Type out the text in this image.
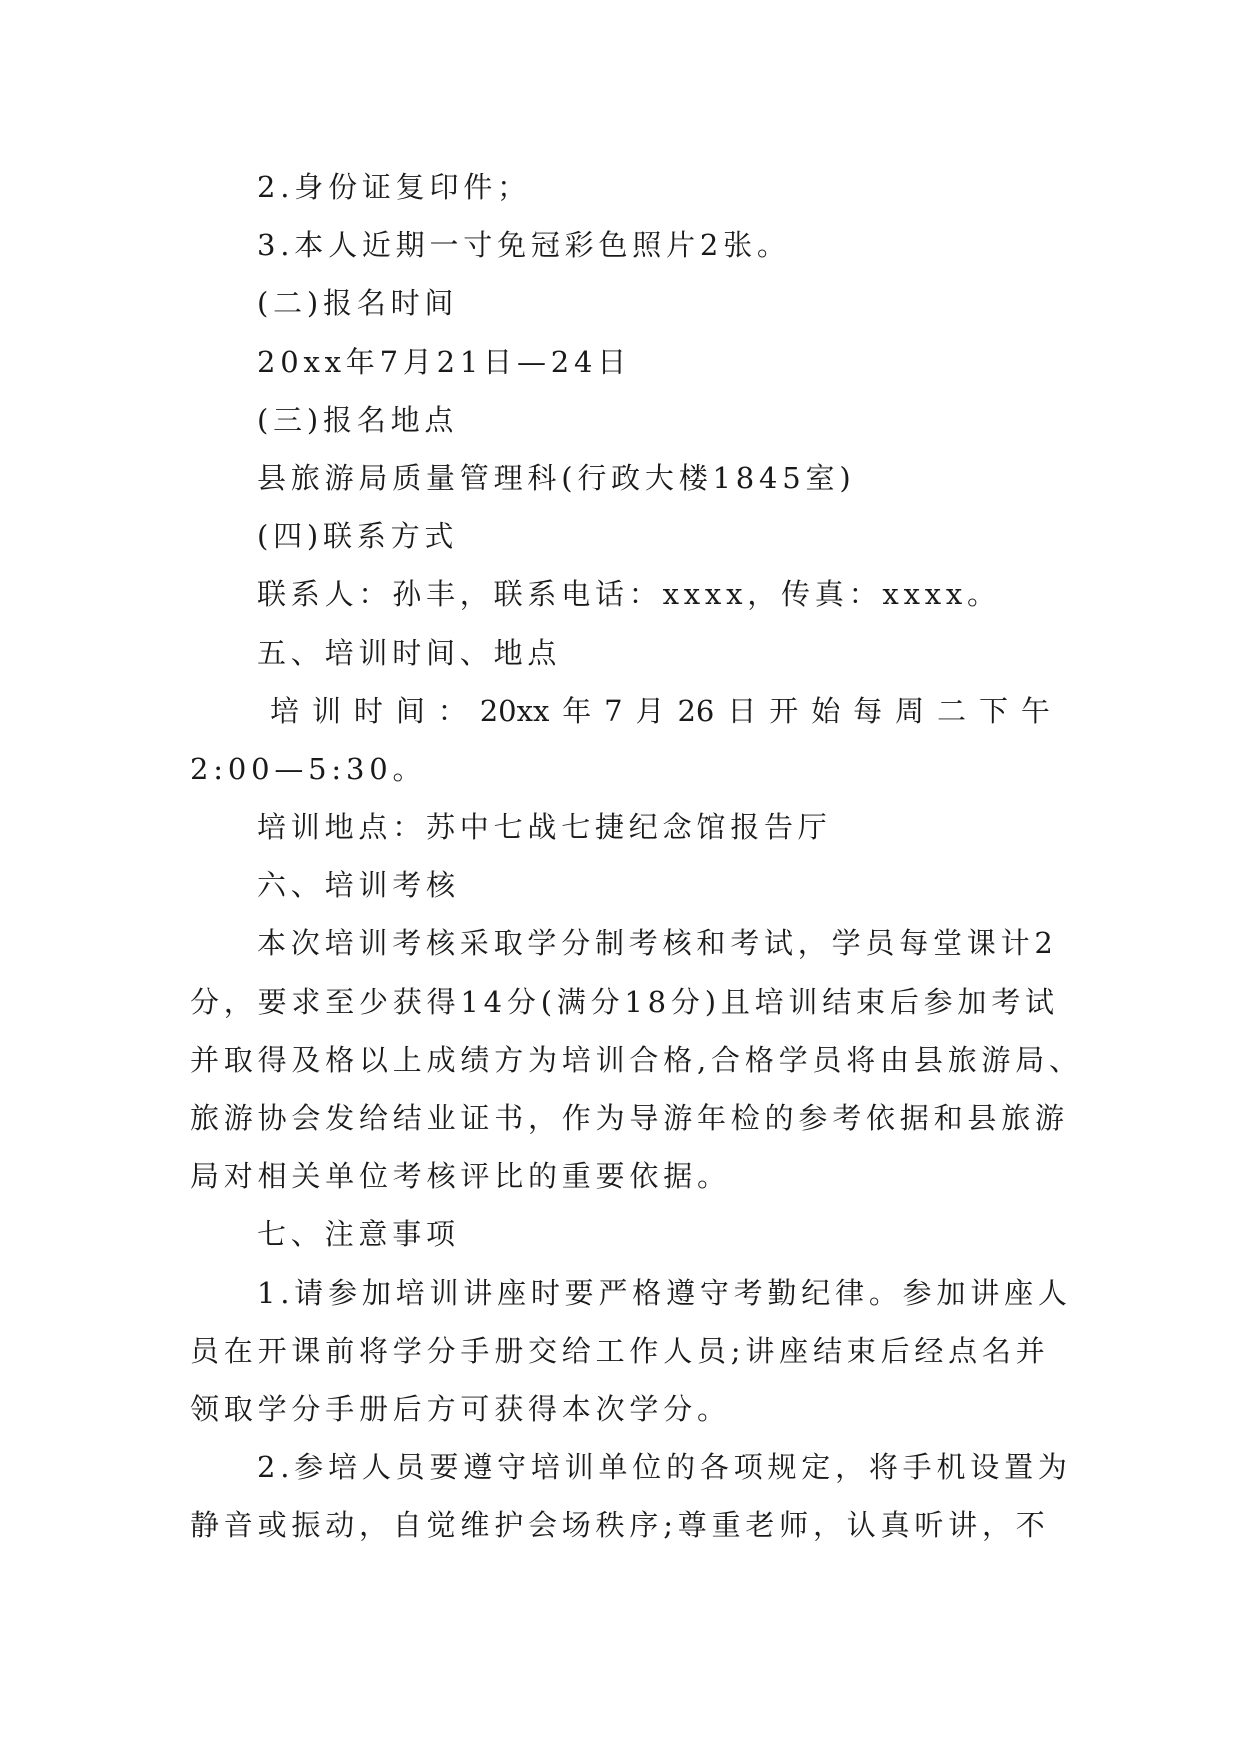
2.身份证复印件；
3.本人近期一寸免冠彩色照片2张。
(二)报名时间
20xx年7月21日—24日
(三)报名地点
县旅游局质量管理科(行政大楼1845室)
(四)联系方式
联系人：孙丰，联系电话：xxxx，传真：xxxx。
五、培训时间、地点
培 训 时 间 ： 20xx 年 7 月 26 日 开 始 每 周 二 下 午
2:00—5:30。
培训地点：苏中七战七捷纪念馆报告厅
六、培训考核
本次培训考核采取学分制考核和考试，学员每堂课计2
分，要求至少获得14分(满分18分)且培训结束后参加考试
并取得及格以上成绩方为培训合格,合格学员将由县旅游局、
旅游协会发给结业证书，作为导游年检的参考依据和县旅游
局对相关单位考核评比的重要依据。
七、注意事项
1.请参加培训讲座时要严格遵守考勤纪律。参加讲座人
员在开课前将学分手册交给工作人员;讲座结束后经点名并
领取学分手册后方可获得本次学分。
2.参培人员要遵守培训单位的各项规定，将手机设置为
静音或振动，自觉维护会场秩序;尊重老师，认真听讲，不
